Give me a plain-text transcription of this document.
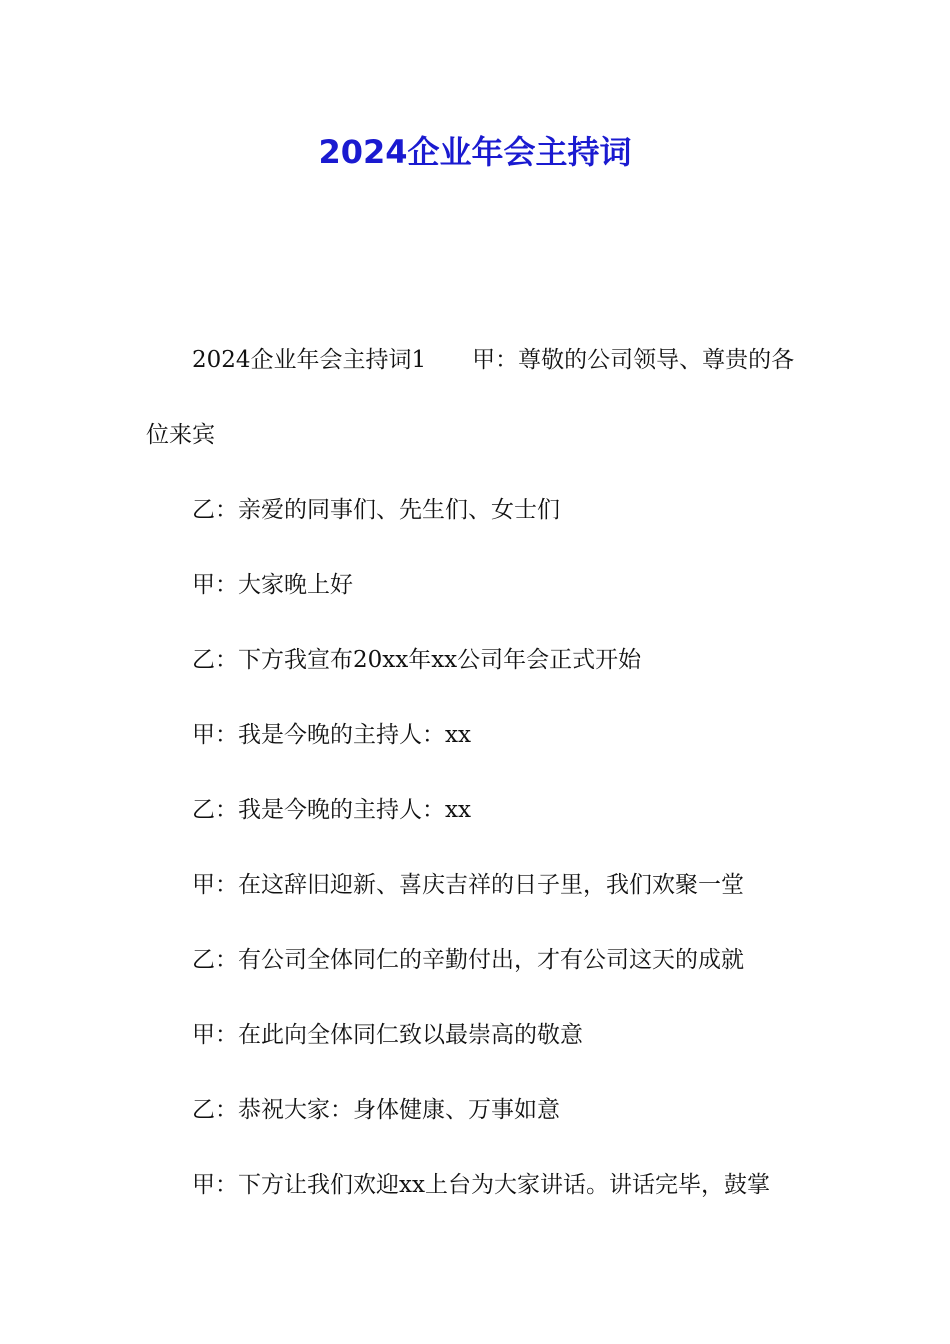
2024企业年会主持词

2024企业年会主持词1 甲：尊敬的公司领导、尊贵的各位来宾

乙：亲爱的同事们、先生们、女士们

甲：大家晚上好

乙：下方我宣布20xx年xx公司年会正式开始

甲：我是今晚的主持人：xx

乙：我是今晚的主持人：xx

甲：在这辞旧迎新、喜庆吉祥的日子里，我们欢聚一堂

乙：有公司全体同仁的辛勤付出，才有公司这天的成就

甲：在此向全体同仁致以最崇高的敬意

乙：恭祝大家：身体健康、万事如意

甲：下方让我们欢迎xx上台为大家讲话。讲话完毕，鼓掌
